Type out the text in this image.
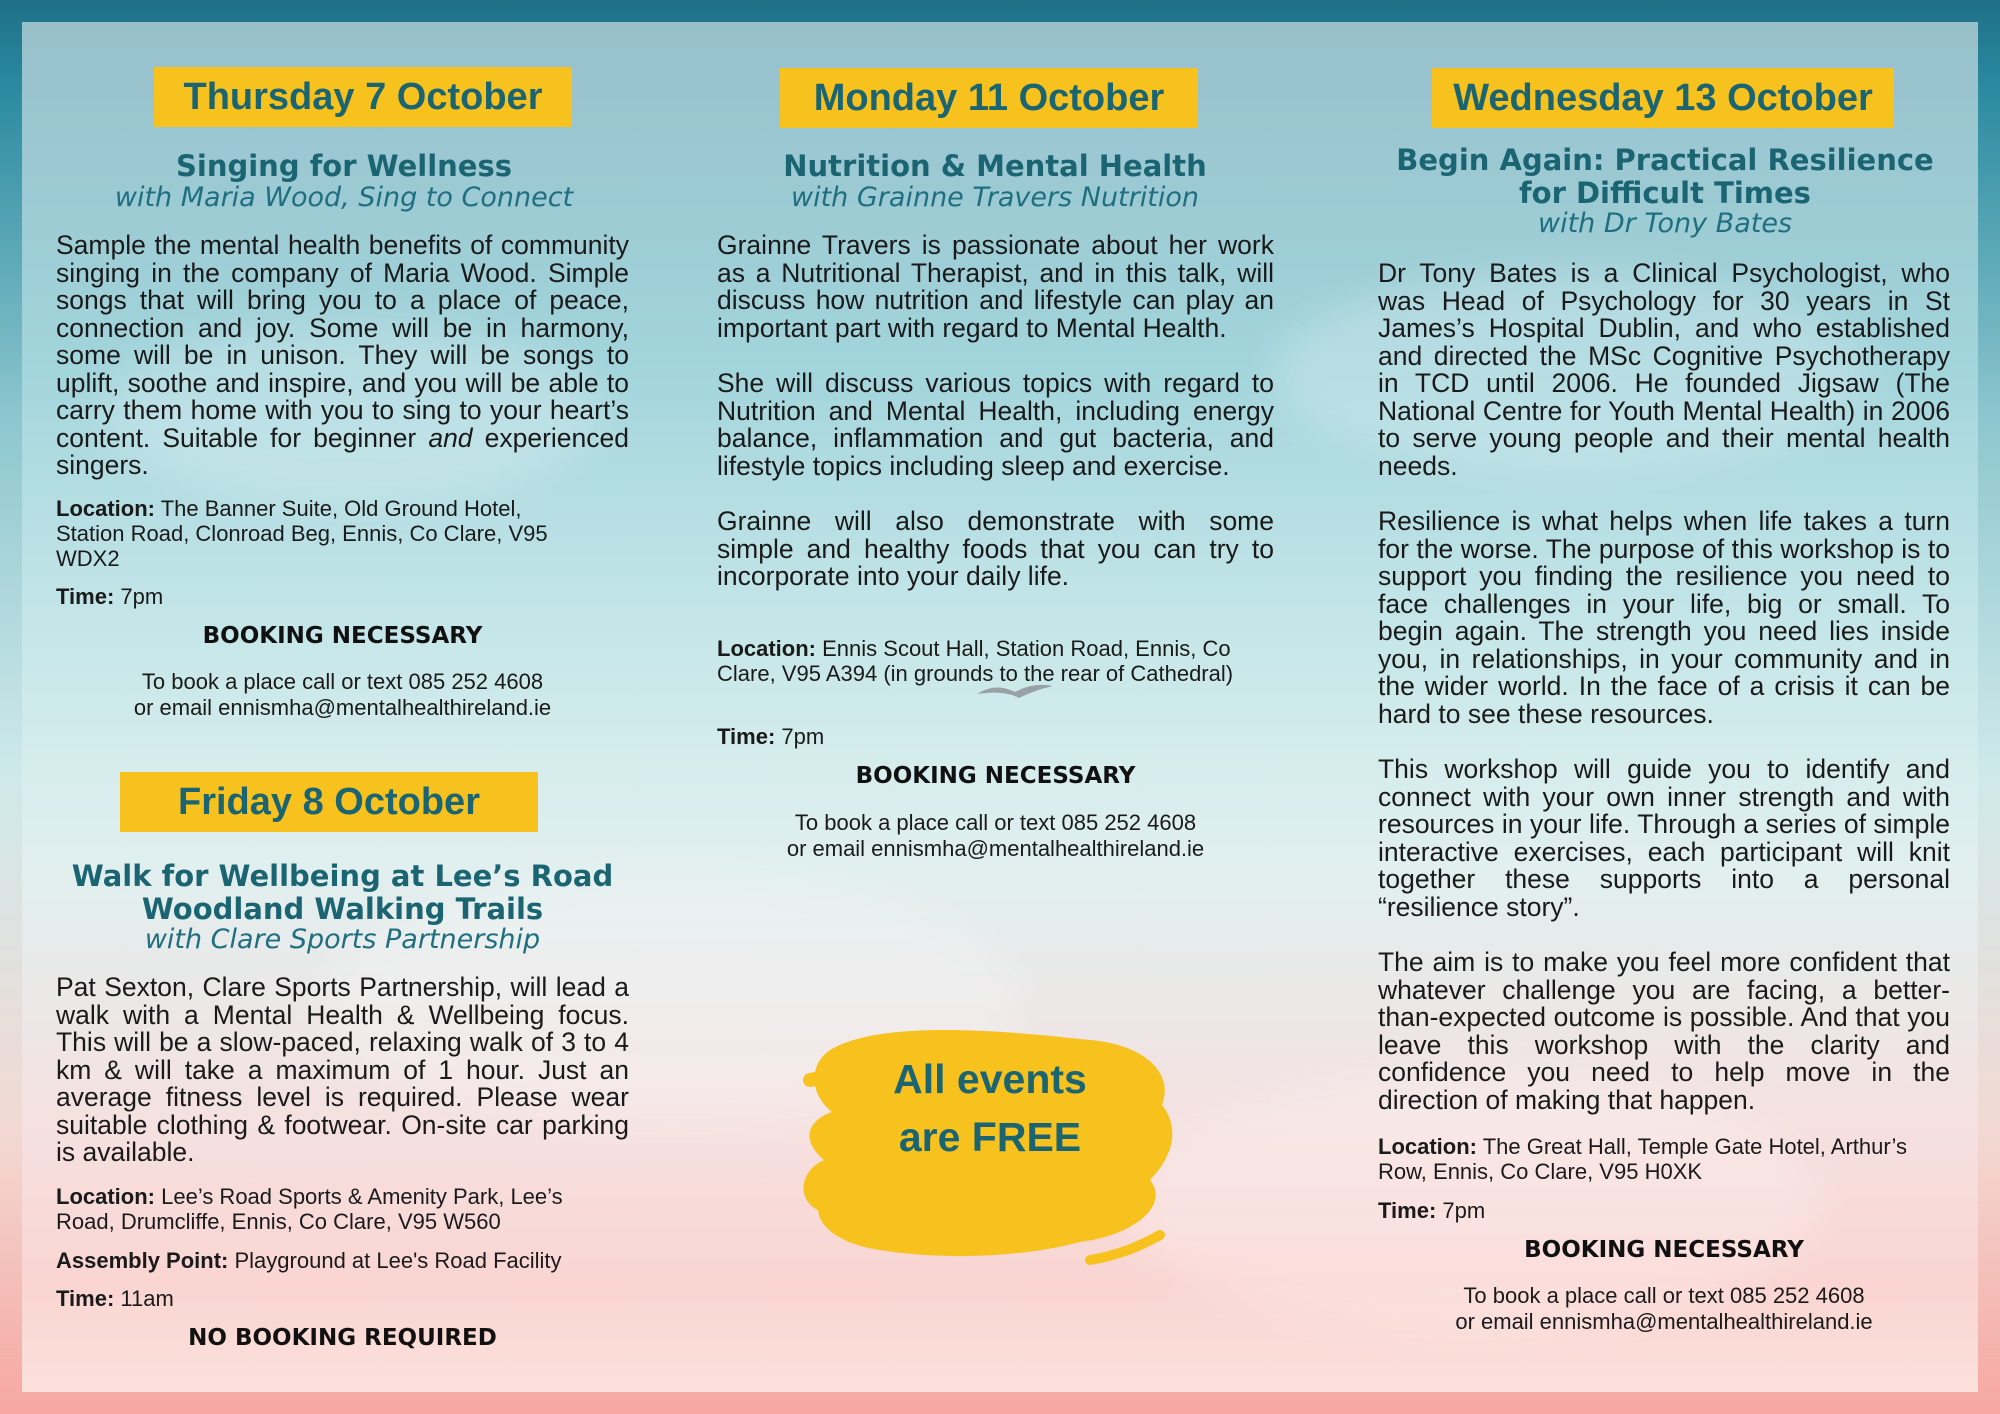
Thursday 7 October
Singing for Wellness
with Maria Wood, Sing to Connect

Sample the mental health benefits of community singing in the company of Maria Wood. Simple songs that will bring you to a place of peace, connection and joy. Some will be in harmony, some will be in unison. They will be songs to uplift, soothe and inspire, and you will be able to carry them home with you to sing to your heart’s content. Suitable for beginner and experienced singers.

Location: The Banner Suite, Old Ground Hotel, Station Road, Clonroad Beg, Ennis, Co Clare, V95 WDX2
Time: 7pm
BOOKING NECESSARY
To book a place call or text 085 252 4608
or email ennismha@mentalhealthireland.ie
Friday 8 October
Walk for Wellbeing at Lee’s Road
Woodland Walking Trails
with Clare Sports Partnership

Pat Sexton, Clare Sports Partnership, will lead a walk with a Mental Health & Wellbeing focus. This will be a slow-paced, relaxing walk of 3 to 4 km & will take a maximum of 1 hour. Just an average fitness level is required. Please wear suitable clothing & footwear. On-site car parking is available.

Location: Lee’s Road Sports & Amenity Park, Lee’s Road, Drumcliffe, Ennis, Co Clare, V95 W560
Assembly Point: Playground at Lee's Road Facility
Time: 11am
NO BOOKING REQUIRED
Monday 11 October
Nutrition & Mental Health
with Grainne Travers Nutrition

Grainne Travers is passionate about her work as a Nutritional Therapist, and in this talk, will discuss how nutrition and lifestyle can play an important part with regard to Mental Health.

She will discuss various topics with regard to Nutrition and Mental Health, including energy balance, inflammation and gut bacteria, and lifestyle topics including sleep and exercise.

Grainne will also demonstrate with some simple and healthy foods that you can try to incorporate into your daily life.

Location: Ennis Scout Hall, Station Road, Ennis, Co Clare, V95 A394 (in grounds to the rear of Cathedral)
Time: 7pm
BOOKING NECESSARY
To book a place call or text 085 252 4608
or email ennismha@mentalhealthireland.ie
All events
are FREE
Wednesday 13 October
Begin Again: Practical Resilience
for Difficult Times
with Dr Tony Bates

Dr Tony Bates is a Clinical Psychologist, who was Head of Psychology for 30 years in St James’s Hospital Dublin, and who established and directed the MSc Cognitive Psychotherapy in TCD until 2006. He founded Jigsaw (The National Centre for Youth Mental Health) in 2006 to serve young people and their mental health needs.

Resilience is what helps when life takes a turn for the worse. The purpose of this workshop is to support you finding the resilience you need to face challenges in your life, big or small. To begin again. The strength you need lies inside you, in relationships, in your community and in the wider world. In the face of a crisis it can be hard to see these resources.

This workshop will guide you to identify and connect with your own inner strength and with resources in your life. Through a series of simple interactive exercises, each participant will knit together these supports into a personal “resilience story”.

The aim is to make you feel more confident that whatever challenge you are facing, a better-than-expected outcome is possible. And that you leave this workshop with the clarity and confidence you need to help move in the direction of making that happen.

Location: The Great Hall, Temple Gate Hotel, Arthur’s Row, Ennis, Co Clare, V95 H0XK
Time: 7pm
BOOKING NECESSARY
To book a place call or text 085 252 4608
or email ennismha@mentalhealthireland.ie
